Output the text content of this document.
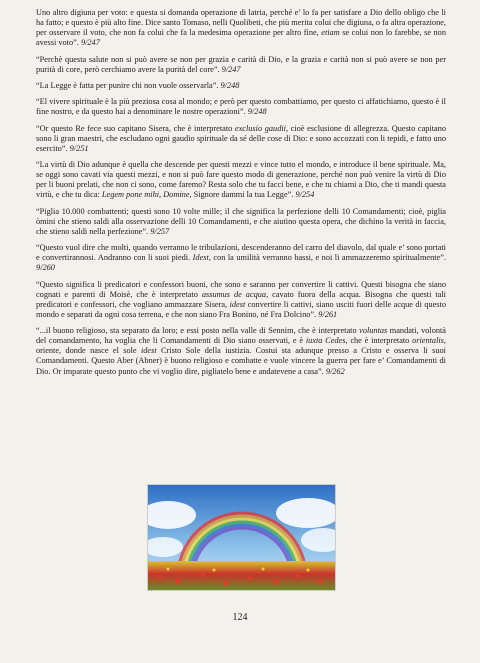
Uno altro digiuna per voto: e questa si domanda operazione di latria, perché e’ lo fa per satisfare a Dio dello obligo che li ha fatto; e questo è più alto fine. Dice santo Tomaso, nelli Quolibeti, che più merita colui che digiuna, o fa altra operazione, per osservare il voto, che non fa colui che fa la medesima operazione per altro fine, etiam se colui non lo farebbe, se non avessi voto”. 9/247

“Perchè questa salute non si può avere se non per grazia e carità di Dio, e la grazia e carità non si può avere se non per purità di core, però cerchiamo avere la purità del core”. 9/247

“La Legge è fatta per punire chi non vuole osservarla”. 9/248

“El vivere spirituale è la più preziosa cosa al mondo; e però per questo combattiamo, per questo ci affatichiamo, questo è il fine nostro, e da questo hai a denominare le nostre operazioni”. 9/248

“Or questo Re fece suo capitano Sisera, che è interpretato exclusio gaudii, cioè esclusione di allegrezza. Questo capitano sono li gran maestri, che escludano ogni gaudio spirituale da sé delle cose di Dio: e sono accozzati con li tepidi, e fatto uno esercito”. 9/251

“La virtù di Dio adunque è quella che descende per questi mezzi e vince tutto el mondo, e introduce il bene spirituale. Ma, se oggi sono cavati via questi mezzi, e non si può fare questo modo di generazione, perché non può venire la virtù di Dio per li buoni prelati, che non ci sono, come faremo? Resta solo che tu facci bene, e che tu chiami a Dio, che ti mandi questa virtù, e che tu dica: Legem pone mihi, Domine, Signore dammi la tua Legge”. 9/254

“Piglia 10.000 combattenti; questi sono 10 volte mille; il che significa la perfezione delli 10 Comandamenti; cioè, piglia òmini che stieno saldi alla osservazione delli 10 Comandamenti, e che aiutino questa opera, che dichino la verità in faccia, che stieno saldi nella perfezione”. 9/257

“Questo vuol dire che molti, quando verranno le tribulazioni, descenderanno del carro del diavolo, dal quale e’ sono portati e convertirannosi. Andranno con li suoi piedi. Idest, con la umilità verranno bassi, e noi li ammazzeremo spiritualmente”. 9/260

“Questo significa li predicatori e confessori buoni, che sono e saranno per convertire li cattivi. Questi bisogna che siano cognati e parenti di Moisè, che è interpretato assumus de acqua, cavato fuora della acqua. Bisogna che questi tali predicatori e confessori, che vogliano ammazzare Sisera, idest convertire li cattivi, siano usciti fuori delle acque di questo mondo e separati da ogni cosa terrena, e che non siano Fra Bonino, né Fra Dolcino”. 9/261

“...il buono religioso, sta separato da loro; e essi posto nella valle di Sennim, che è interpretato voluntas mandati, volontà del comandamento, ha voglia che li Comandamenti di Dio siano osservati, e è iuxta Cedes, che è interpretato orientalis, oriente, donde nasce el sole idest Cristo Sole della iustizia. Costui sta adunque presso a Cristo e osserva li suoi Comandamenti. Questo Aber (Abner) è buono religioso e combatte e vuole vincere la guerra per fare e’ Comandamenti di Dio. Or imparate questo punto che vi voglio dire, pigliatelo bene e andatevene a casa”. 9/262

124
